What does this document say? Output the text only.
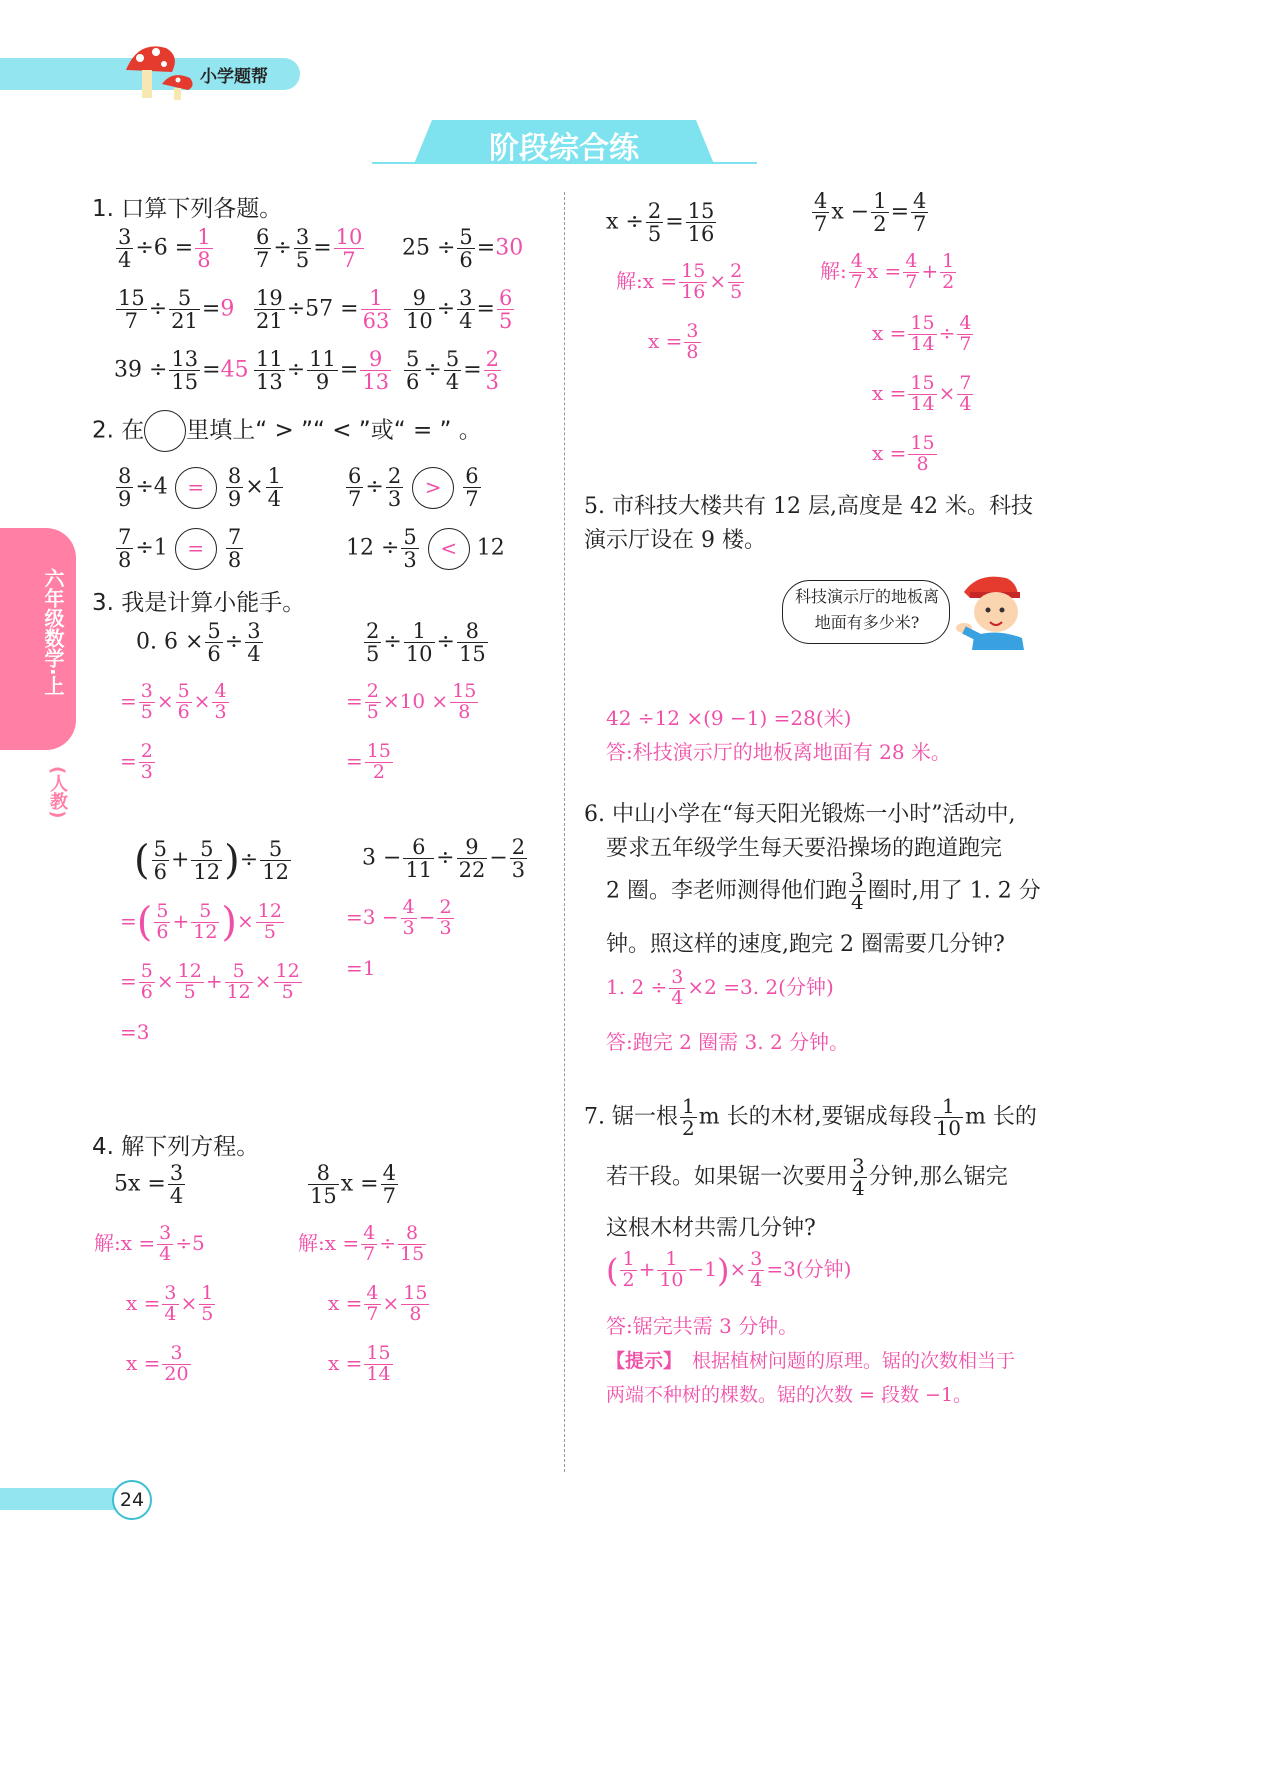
小学题帮
阶段综合练
六年级数学·上
(人教)
24
1. 口算下列各题。
$\frac{3}{4} \div 6 = \frac{1}{8} \frac{6}{7} \div \frac{3}{5} = \frac{10}{7} 25 \div \frac{5}{6} =30$
$\frac{15}{7} \div \frac{5}{21} =9 \frac{19}{21} \div 57 = \frac{1}{63} \frac{9}{10} \div \frac{3}{4} = \frac{6}{5}$
$39 \div \frac{13}{15} =45 \frac{11}{13} \div \frac{11}{9} = \frac{9}{13} \frac{5}{6} \div \frac{5}{4} = \frac{2}{3}$
2. 在 里填上“ > ”“ < ”或“ = ” 。
$\frac{8}{9} \div 4 = \frac{8}{9} \times \frac{1}{4}$	$\frac{6}{7} \div \frac{2}{3} > \frac{6}{7}$
$\frac{7}{8} \div 1 = \frac{7}{8}$	$12 \div \frac{5}{3} < 12$
3. 我是计算小能手。
0. $6 \times \frac{5}{6} \div \frac{3}{4}$
= $\frac{3}{5} \times \frac{5}{6} \times \frac{4}{3}$
= $\frac{2}{3}$
$\frac{2}{5} \div \frac{1}{10} \div \frac{8}{15}$
= $\frac{2}{5} \times 10 \times \frac{15}{8}$
= $\frac{15}{2}$
( $\frac{5}{6} + \frac{5}{12}$ )÷ $\frac{5}{12}$
=( $\frac{5}{6} + \frac{5}{12}$ )× $\frac{12}{5}$
= $\frac{5}{6} \times \frac{12}{5} + \frac{5}{12} \times \frac{12}{5}$
=3
$3 - \frac{6}{11} \div \frac{9}{22} - \frac{2}{3}$
$=3 - \frac{4}{3} - \frac{2}{3}$
=1
4. 解下列方程。
$5x = \frac{3}{4}$
解:x = $\frac{3}{4} \div 5$
$x = \frac{3}{4} \times \frac{1}{5}$
$x = \frac{3}{20}$
$\frac{8}{15}$ $x = \frac{4}{7}$
解:x = $\frac{4}{7} \div \frac{8}{15}$
$x = \frac{4}{7} \times \frac{15}{8}$
$x = \frac{15}{14}$
$x \div \frac{2}{5} = \frac{15}{16}$
解:x = $\frac{15}{16} \times \frac{2}{5}$
$x = \frac{3}{8}$
$\frac{4}{7}$ $x - \frac{1}{2} = \frac{4}{7}$
解: $\frac{4}{7}$ $x = \frac{4}{7} + \frac{1}{2}$
$x = \frac{15}{14} \div \frac{4}{7}$
$x = \frac{15}{14} \times \frac{7}{4}$
$x = \frac{15}{8}$
5. 市科技大楼共有 12 层,高度是 42 米。科技演示厅设在 9 楼。
科技演示厅的地板离地面有多少米?
42 ÷12 ×(9 −1) =28(米)
答:科技演示厅的地板离地面有 28 米。
6. 中山小学在“每天阳光锻炼一小时”活动中,
要求五年级学生每天要沿操场的跑道跑完
2 圈。李老师测得他们跑 $\frac{3}{4}$ 圈时,用了 1. 2 分
钟。照这样的速度,跑完 2 圈需要几分钟?
1. $2 \div \frac{3}{4} \times 2 =3$. 2(分钟)
答:跑完 2 圈需 3. 2 分钟。
7. 锯一根 $\frac{1}{2}$ m 长的木材,要锯成每段 $\frac{1}{10}$ m 长的
若干段。如果锯一次要用 $\frac{3}{4}$ 分钟,那么锯完
这根木材共需几分钟?
( $\frac{1}{2} + \frac{1}{10} -1)\times \frac{3}{4} =3$(分钟)
答:锯完共需 3 分钟。
【提示】 根据植树问题的原理。锯的次数相当于两端不种树的棵数。锯的次数 = 段数 −1。
